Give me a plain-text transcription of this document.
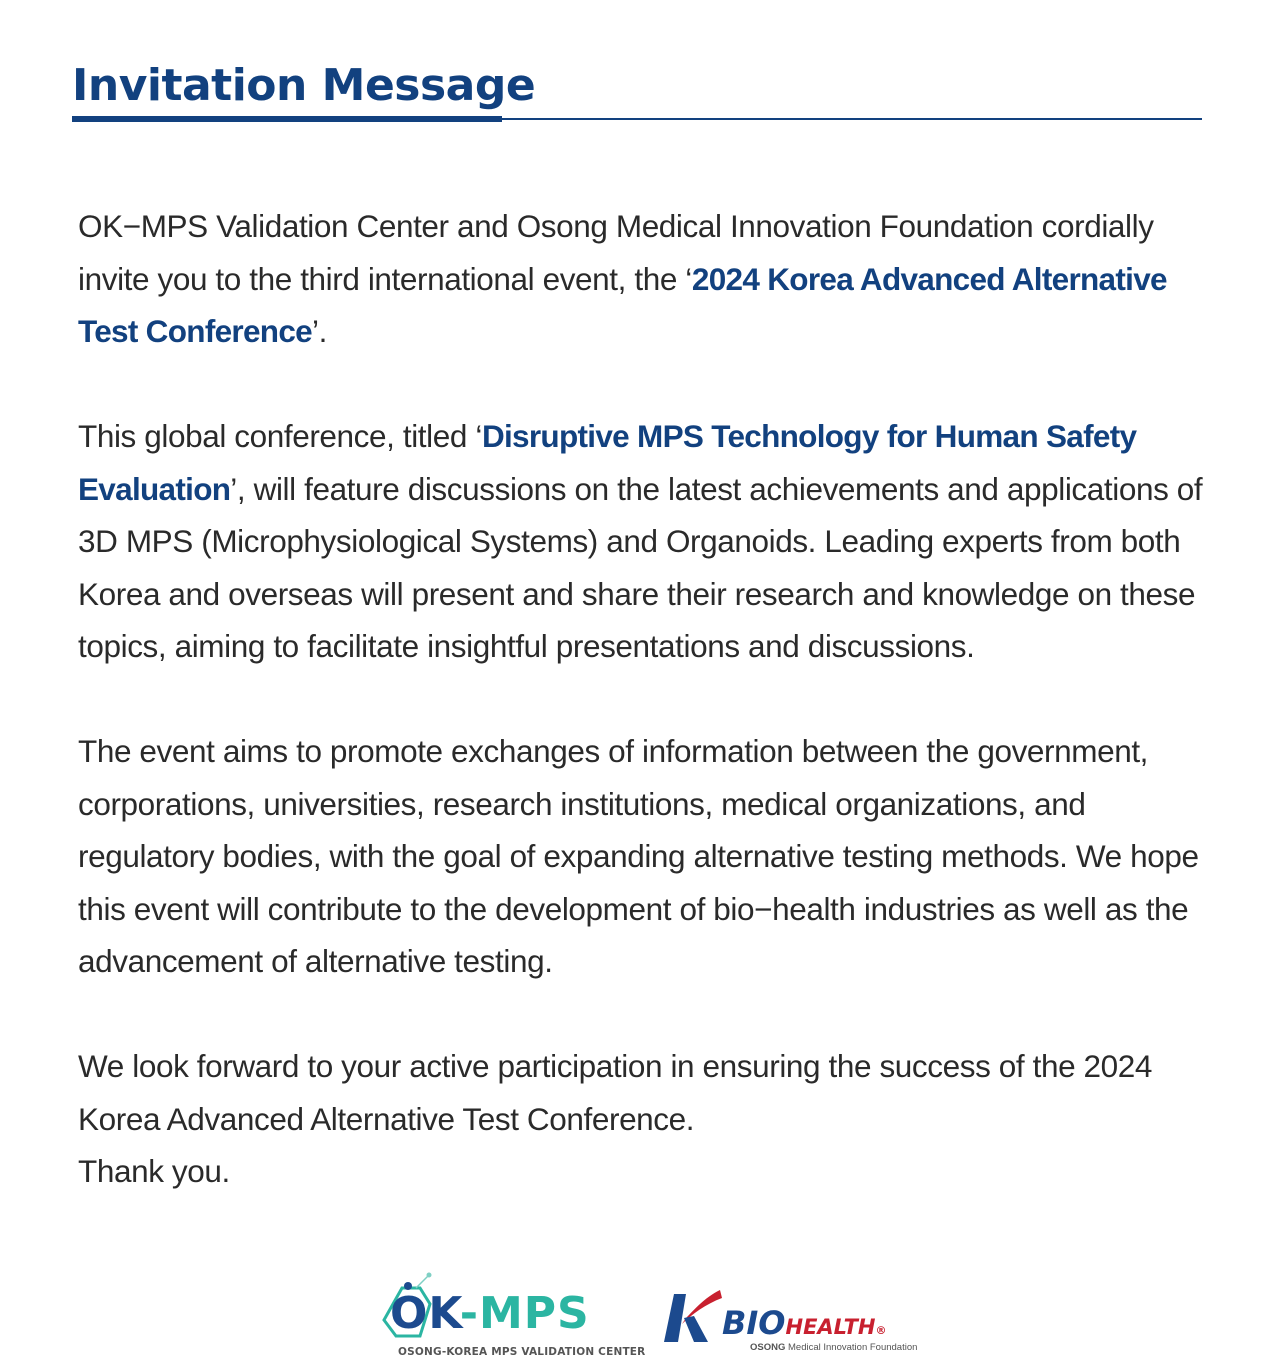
Invitation Message

OK−MPS Validation Center and Osong Medical Innovation Foundation cordially invite you to the third international event, the ‘2024 Korea Advanced Alternative Test Conference’.

This global conference, titled ‘Disruptive MPS Technology for Human Safety Evaluation’, will feature discussions on the latest achievements and applications of 3D MPS (Microphysiological Systems) and Organoids. Leading experts from both Korea and overseas will present and share their research and knowledge on these topics, aiming to facilitate insightful presentations and discussions.

The event aims to promote exchanges of information between the government, corporations, universities, research institutions, medical organizations, and regulatory bodies, with the goal of expanding alternative testing methods. We hope this event will contribute to the development of bio−health industries as well as the advancement of alternative testing.

We look forward to your active participation in ensuring the success of the 2024 Korea Advanced Alternative Test Conference.
Thank you.

OK-MPS
OSONG-KOREA MPS VALIDATION CENTER
BIOHEALTH®
OSONG Medical Innovation Foundation
